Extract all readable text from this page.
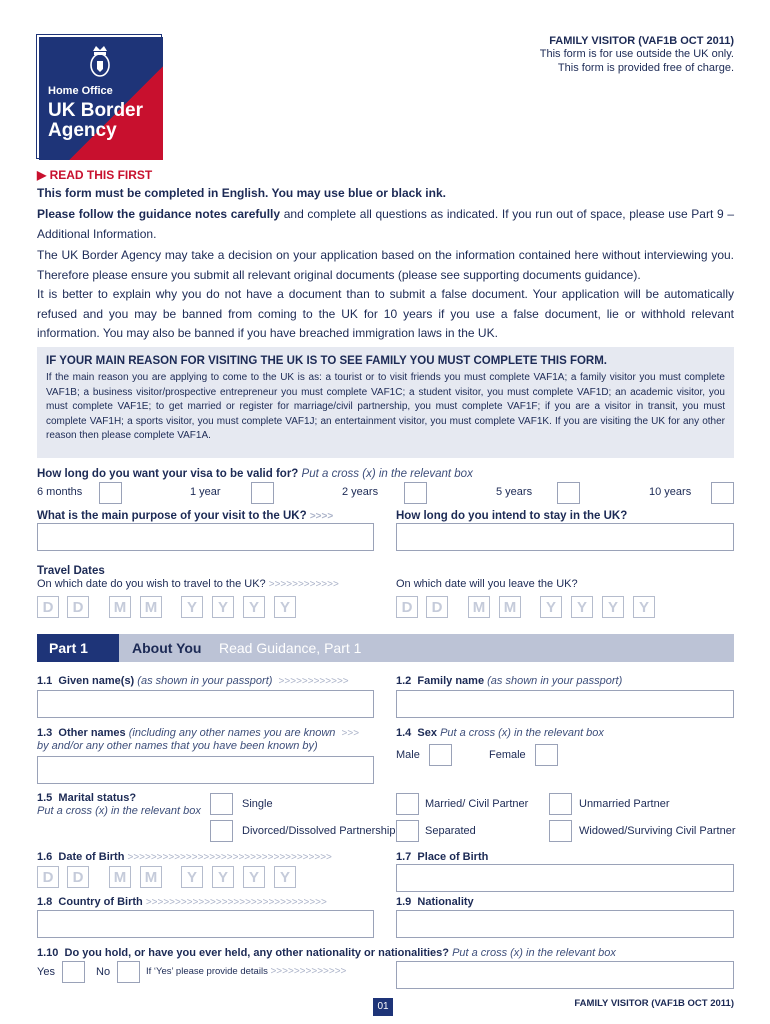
FAMILY VISITOR (VAF1B OCT 2011)
This form is for use outside the UK only.
This form is provided free of charge.
Home Office
UK Border
Agency
▶ READ THIS FIRST
This form must be completed in English. You may use blue or black ink.
Please follow the guidance notes carefully and complete all questions as indicated. If you run out of space, please use Part 9 – Additional Information.
The UK Border Agency may take a decision on your application based on the information contained here without interviewing you. Therefore please ensure you submit all relevant original documents (please see supporting documents guidance).
It is better to explain why you do not have a document than to submit a false document. Your application will be automatically refused and you may be banned from coming to the UK for 10 years if you use a false document, lie or withhold relevant information. You may also be banned if you have breached immigration laws in the UK.
IF YOUR MAIN REASON FOR VISITING THE UK IS TO SEE FAMILY YOU MUST COMPLETE THIS FORM.
If the main reason you are applying to come to the UK is as: a tourist or to visit friends you must complete VAF1A; a family visitor you must complete VAF1B; a business visitor/prospective entrepreneur you must complete VAF1C; a student visitor, you must complete VAF1D; an academic visitor, you must complete VAF1E; to get married or register for marriage/civil partnership, you must complete VAF1F; if you are a visitor in transit, you must complete VAF1H; a sports visitor, you must complete VAF1J; an entertainment visitor, you must complete VAF1K. If you are visiting the UK for any other reason then please complete VAF1A.
How long do you want your visa to be valid for? Put a cross (x) in the relevant box
6 months	1 year	2 years	5 years	10 years
What is the main purpose of your visit to the UK? >>>>	How long do you intend to stay in the UK?
Travel Dates
On which date do you wish to travel to the UK? >>>>>>>>>>>>	On which date will you leave the UK?
Part 1	About You Read Guidance, Part 1
1.1 Given name(s) (as shown in your passport) >>>>>>>>>>>>	1.2 Family name (as shown in your passport)
1.3 Other names (including any other names you are known >>>
by and/or any other names that you have been known by)
1.4 Sex Put a cross (x) in the relevant box
Male	Female
1.5 Marital status?
Put a cross (x) in the relevant box
Single	Married/ Civil Partner	Unmarried Partner
Divorced/Dissolved Partnership	Separated	Widowed/Surviving Civil Partner
1.6 Date of Birth >>>>>>>>>>>>>>>>>>>>>>>>>>>>>>>>>>>	1.7 Place of Birth
1.8 Country of Birth >>>>>>>>>>>>>>>>>>>>>>>>>>>>>>>	1.9 Nationality
1.10 Do you hold, or have you ever held, any other nationality or nationalities? Put a cross (x) in the relevant box
Yes	No	If ‘Yes’ please provide details >>>>>>>>>>>>>
01	FAMILY VISITOR (VAF1B OCT 2011)
D	D	M	M	Y	Y	Y	Y	D	D	M	M	Y	Y	Y	Y
D	D	M	M	Y	Y	Y	Y
